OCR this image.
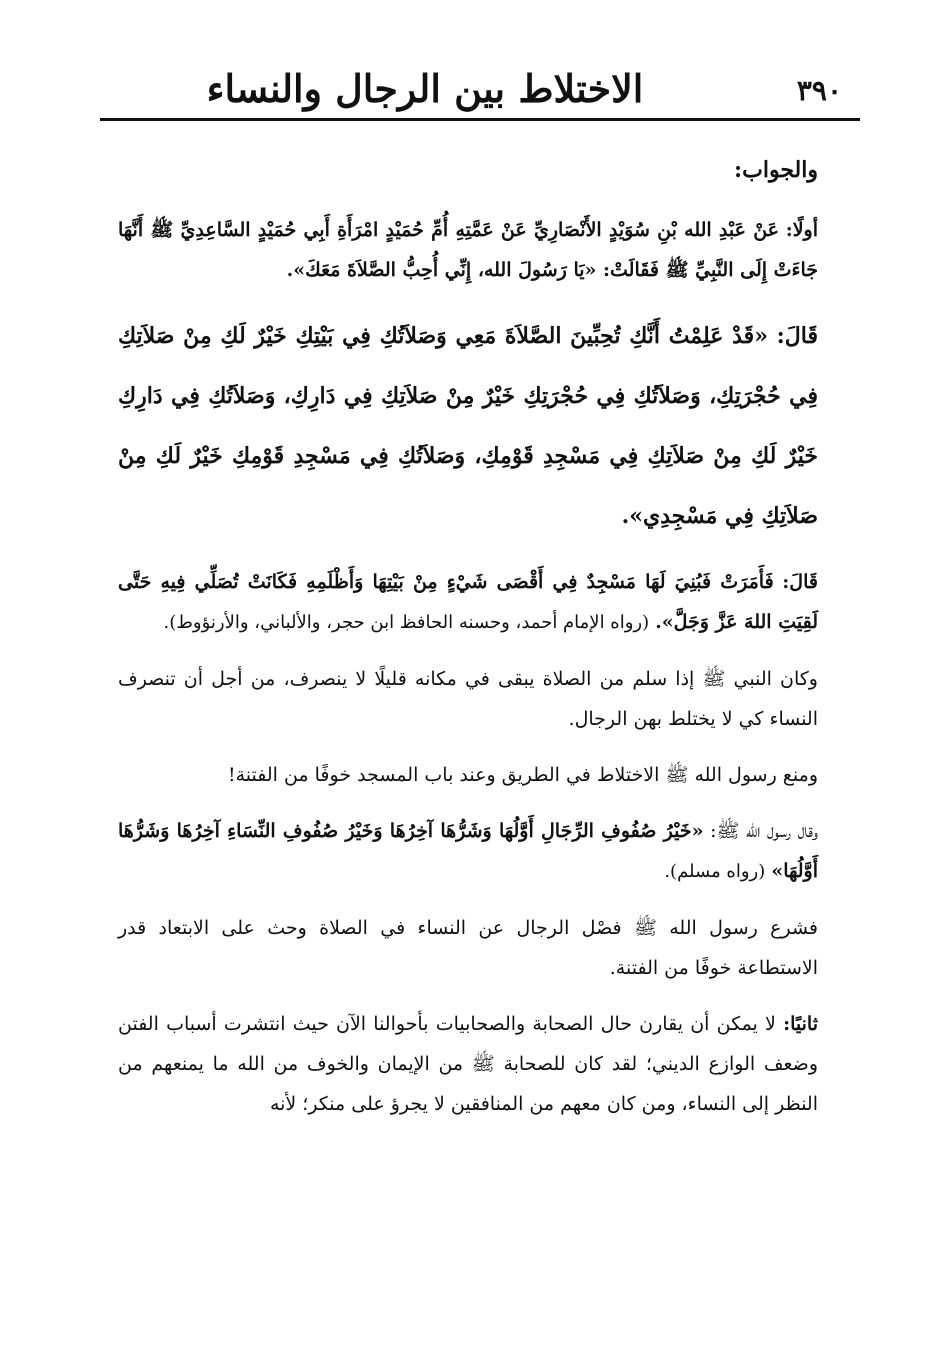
الاختلاط بين الرجال والنساء	٣٩٠
والجواب:

أولًا: عَنْ عَبْدِ الله بْنِ سُوَيْدٍ الأَنْصَارِيِّ عَنْ عَمَّتِهِ أُمِّ حُمَيْدٍ امْرَأَةِ أَبِي حُمَيْدٍ السَّاعِدِيِّ ﷺ أَنَّهَا جَاءَتْ إِلَى النَّبِيِّ ﷺ فَقَالَتْ: «يَا رَسُولَ الله، إِنِّي أُحِبُّ الصَّلاَةَ مَعَكَ».

قَالَ: «قَدْ عَلِمْتُ أَنَّكِ تُحِبِّينَ الصَّلاَةَ مَعِي وَصَلاَتُكِ فِي بَيْتِكِ خَيْرٌ لَكِ مِنْ صَلاَتِكِ فِي حُجْرَتِكِ، وَصَلاَتُكِ فِي حُجْرَتِكِ خَيْرٌ مِنْ صَلاَتِكِ فِي دَارِكِ، وَصَلاَتُكِ فِي دَارِكِ خَيْرٌ لَكِ مِنْ صَلاَتِكِ فِي مَسْجِدِ قَوْمِكِ، وَصَلاَتُكِ فِي مَسْجِدِ قَوْمِكِ خَيْرٌ لَكِ مِنْ صَلاَتِكِ فِي مَسْجِدِي».

قَالَ: فَأَمَرَتْ فَبُنِيَ لَهَا مَسْجِدٌ فِي أَقْصَى شَيْءٍ مِنْ بَيْتِهَا وَأَظْلَمِهِ فَكَانَتْ تُصَلِّي فِيهِ حَتَّى لَقِيَتِ اللهَ عَزَّ وَجَلَّ». (رواه الإمام أحمد، وحسنه الحافظ ابن حجر، والألباني، والأرنؤوط).

وكان النبي ﷺ إذا سلم من الصلاة يبقى في مكانه قليلًا لا ينصرف، من أجل أن تنصرف النساء كي لا يختلط بهن الرجال.

ومنع رسول الله ﷺ الاختلاط في الطريق وعند باب المسجد خوفًا من الفتنة!

وقال رسول الله ﷺ: «خَيْرُ صُفُوفِ الرِّجَالِ أَوَّلُهَا وَشَرُّهَا آخِرُهَا وَخَيْرُ صُفُوفِ النِّسَاءِ آخِرُهَا وَشَرُّهَا أَوَّلُهَا» (رواه مسلم).

فشرع رسول الله ﷺ فصْل الرجال عن النساء في الصلاة وحث على الابتعاد قدر الاستطاعة خوفًا من الفتنة.

ثانيًا: لا يمكن أن يقارن حال الصحابة والصحابيات بأحوالنا الآن حيث انتشرت أسباب الفتن وضعف الوازع الديني؛ لقد كان للصحابة ﷺ من الإيمان والخوف من الله ما يمنعهم من النظر إلى النساء، ومن كان معهم من المنافقين لا يجرؤ على منكر؛ لأنه
